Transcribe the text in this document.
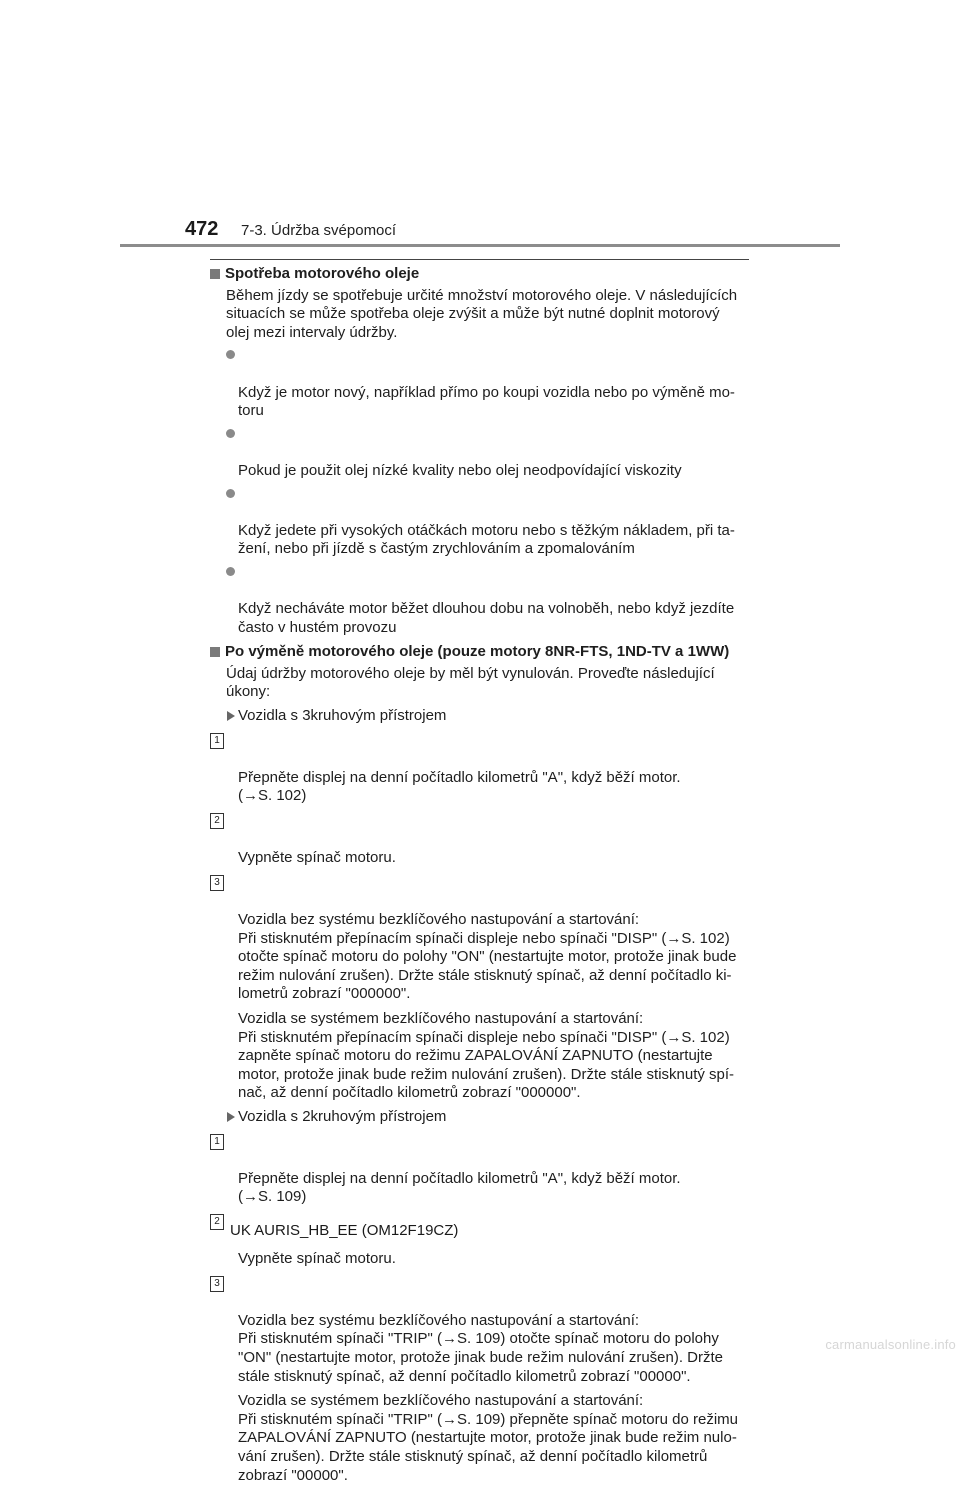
472 7-3. Údržba svépomocí
Spotřeba motorového oleje
Během jízdy se spotřebuje určité množství motorového oleje. V následujících
situacích se může spotřeba oleje zvýšit a může být nutné doplnit motorový
olej mezi intervaly údržby.

Když je motor nový, například přímo po koupi vozidla nebo po výměně mo-
toru

Pokud je použit olej nízké kvality nebo olej neodpovídající viskozity

Když jedete při vysokých otáčkách motoru nebo s těžkým nákladem, při ta-
žení, nebo při jízdě s častým zrychlováním a zpomalováním

Když necháváte motor běžet dlouhou dobu na volnoběh, nebo když jezdíte
často v hustém provozu

Po výměně motorového oleje (pouze motory 8NR-FTS, 1ND-TV a 1WW)
Údaj údržby motorového oleje by měl být vynulován. Proveďte následující
úkony:
Vozidla s 3kruhovým přístrojem

1

Přepněte displej na denní počítadlo kilometrů "A", když běží motor.
(→S. 102)

2

Vypněte spínač motoru.

3

Vozidla bez systému bezklíčového nastupování a startování:
Při stisknutém přepínacím spínači displeje nebo spínači "DISP" (→S. 102)
otočte spínač motoru do polohy "ON" (nestartujte motor, protože jinak bude
režim nulování zrušen). Držte stále stisknutý spínač, až denní počítadlo ki-
lometrů zobrazí "000000".

Vozidla se systémem bezklíčového nastupování a startování:
Při stisknutém přepínacím spínači displeje nebo spínači "DISP" (→S. 102)
zapněte spínač motoru do režimu ZAPALOVÁNÍ ZAPNUTO (nestartujte
motor, protože jinak bude režim nulování zrušen). Držte stále stisknutý spí-
nač, až denní počítadlo kilometrů zobrazí "000000".
Vozidla s 2kruhovým přístrojem

1

Přepněte displej na denní počítadlo kilometrů "A", když běží motor.
(→S. 109)

2

Vypněte spínač motoru.

3

Vozidla bez systému bezklíčového nastupování a startování:
Při stisknutém spínači "TRIP" (→S. 109) otočte spínač motoru do polohy
"ON" (nestartujte motor, protože jinak bude režim nulování zrušen). Držte
stále stisknutý spínač, až denní počítadlo kilometrů zobrazí "00000".

Vozidla se systémem bezklíčového nastupování a startování:
Při stisknutém spínači "TRIP" (→S. 109) přepněte spínač motoru do režimu
ZAPALOVÁNÍ ZAPNUTO (nestartujte motor, protože jinak bude režim nulo-
vání zrušen). Držte stále stisknutý spínač, až denní počítadlo kilometrů
zobrazí "00000".
UK AURIS_HB_EE (OM12F19CZ)
carmanualsonline.info
